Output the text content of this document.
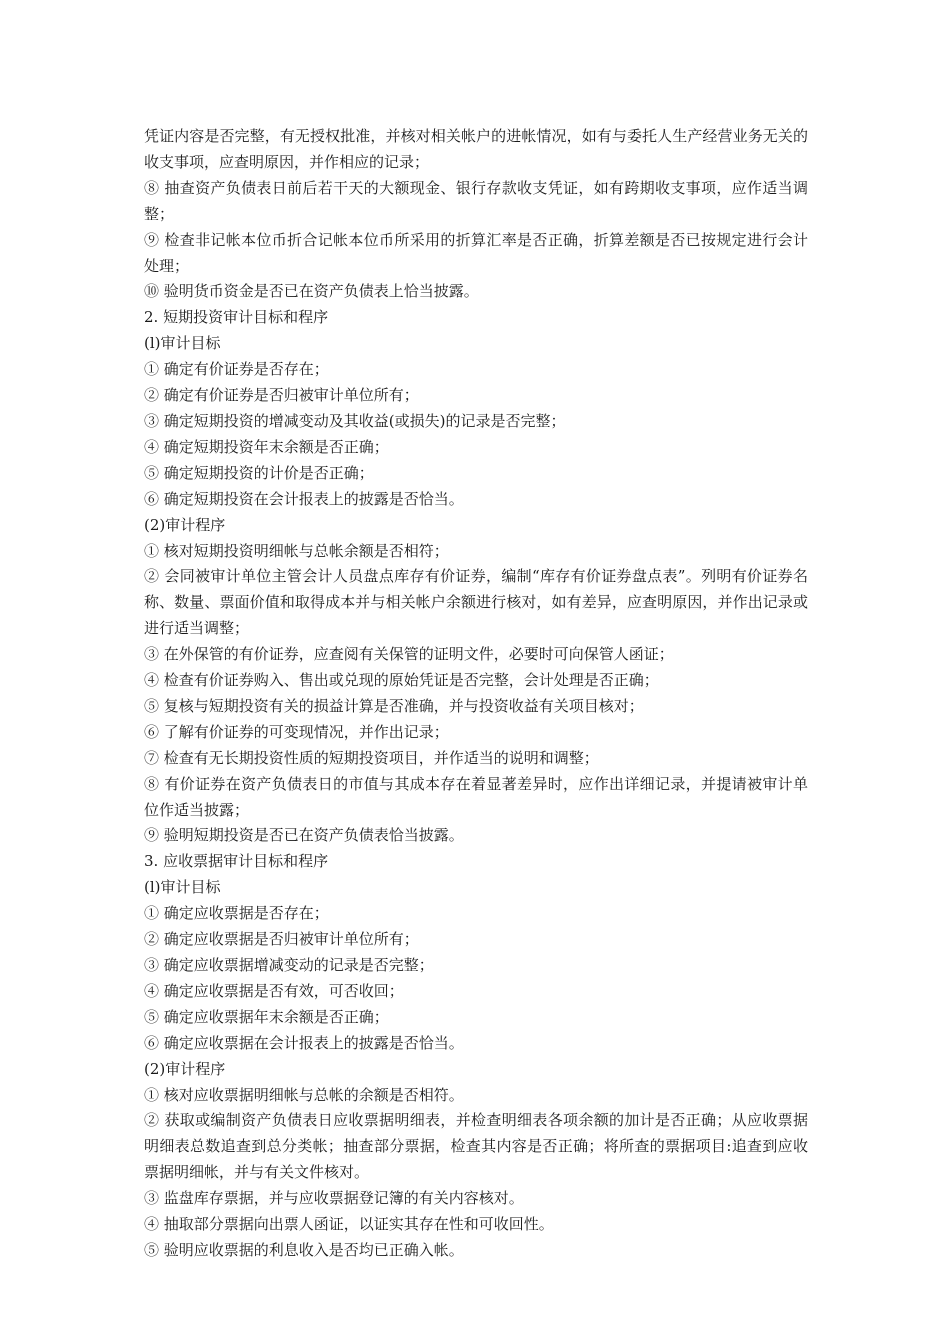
凭证内容是否完整，有无授权批准，并核对相关帐户的进帐情况，如有与委托人生产经营业务无关的收支事项，应查明原因，并作相应的记录；

⑧ 抽查资产负债表日前后若干天的大额现金、银行存款收支凭证，如有跨期收支事项，应作适当调整；

⑨ 检查非记帐本位币折合记帐本位币所采用的折算汇率是否正确，折算差额是否已按规定进行会计处理；

⑩ 验明货币资金是否已在资产负债表上恰当披露。

2. 短期投资审计目标和程序

(l)审计目标

① 确定有价证券是否存在；

② 确定有价证券是否归被审计单位所有；

③ 确定短期投资的增减变动及其收益(或损失)的记录是否完整；

④ 确定短期投资年末余额是否正确；

⑤ 确定短期投资的计价是否正确；

⑥ 确定短期投资在会计报表上的披露是否恰当。

(2)审计程序

① 核对短期投资明细帐与总帐余额是否相符；

② 会同被审计单位主管会计人员盘点库存有价证券，编制“库存有价证券盘点表”。列明有价证券名称、数量、票面价值和取得成本并与相关帐户余额进行核对，如有差异，应查明原因，并作出记录或进行适当调整；

③ 在外保管的有价证券，应查阅有关保管的证明文件，必要时可向保管人函证；

④ 检查有价证券购入、售出或兑现的原始凭证是否完整，会计处理是否正确；

⑤ 复核与短期投资有关的损益计算是否准确，并与投资收益有关项目核对；

⑥ 了解有价证券的可变现情况，并作出记录；

⑦ 检查有无长期投资性质的短期投资项目，并作适当的说明和调整；

⑧ 有价证券在资产负债表日的市值与其成本存在着显著差异时，应作出详细记录，并提请被审计单位作适当披露；

⑨ 验明短期投资是否已在资产负债表恰当披露。

3. 应收票据审计目标和程序

(l)审计目标

① 确定应收票据是否存在；

② 确定应收票据是否归被审计单位所有；

③ 确定应收票据增减变动的记录是否完整；

④ 确定应收票据是否有效，可否收回；

⑤ 确定应收票据年末余额是否正确；

⑥ 确定应收票据在会计报表上的披露是否恰当。

(2)审计程序

① 核对应收票据明细帐与总帐的余额是否相符。

② 获取或编制资产负债表日应收票据明细表，并检查明细表各项余额的加计是否正确；从应收票据明细表总数追查到总分类帐；抽查部分票据，检查其内容是否正确；将所查的票据项目:追查到应收票据明细帐，并与有关文件核对。

③ 监盘库存票据，并与应收票据登记簿的有关内容核对。

④ 抽取部分票据向出票人函证，以证实其存在性和可收回性。

⑤ 验明应收票据的利息收入是否均已正确入帐。
